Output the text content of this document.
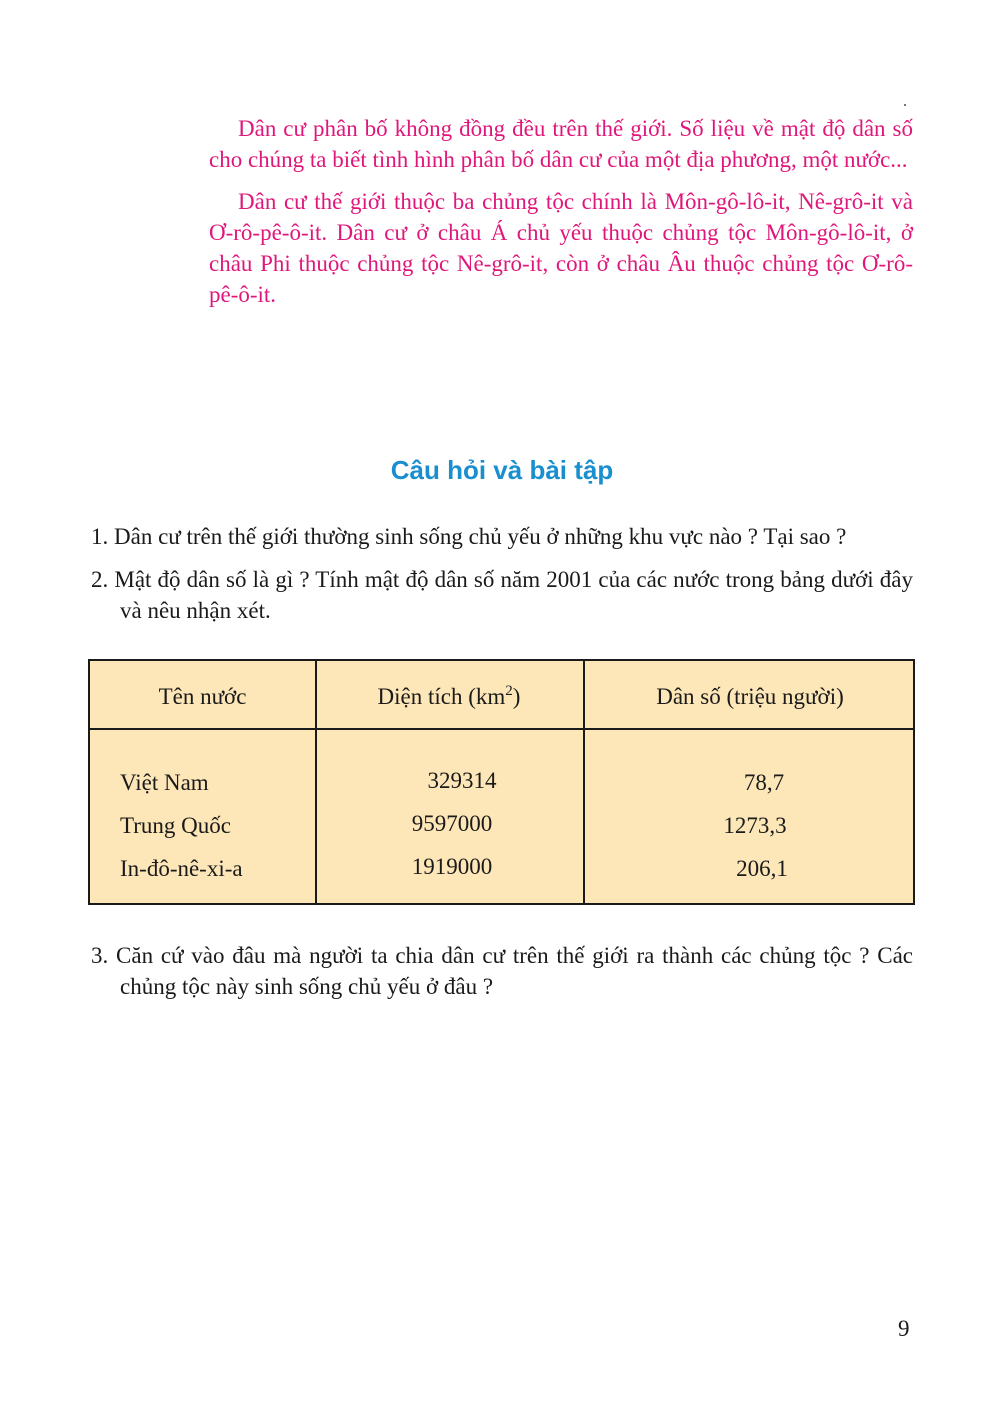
Dân cư phân bố không đồng đều trên thế giới. Số liệu về mật độ dân số cho chúng ta biết tình hình phân bố dân cư của một địa phương, một nước...

Dân cư thế giới thuộc ba chủng tộc chính là Môn-gô-lô-it, Nê-grô-it và Ơ-rô-pê-ô-it. Dân cư ở châu Á chủ yếu thuộc chủng tộc Môn-gô-lô-it, ở châu Phi thuộc chủng tộc Nê-grô-it, còn ở châu Âu thuộc chủng tộc Ơ-rô-pê-ô-it.

Câu hỏi và bài tập
1. Dân cư trên thế giới thường sinh sống chủ yếu ở những khu vực nào ? Tại sao ?
2. Mật độ dân số là gì ? Tính mật độ dân số năm 2001 của các nước trong bảng dưới đây và nêu nhận xét.
Tên nước	Diện tích $(km^2)$	Dân số (triệu người)
Việt Nam	329314	78,7
Trung Quốc	9597000	1273,3
In-đô-nê-xi-a	1919000	206,1
3. Căn cứ vào đâu mà người ta chia dân cư trên thế giới ra thành các chủng tộc ? Các chủng tộc này sinh sống chủ yếu ở đâu ?
9
